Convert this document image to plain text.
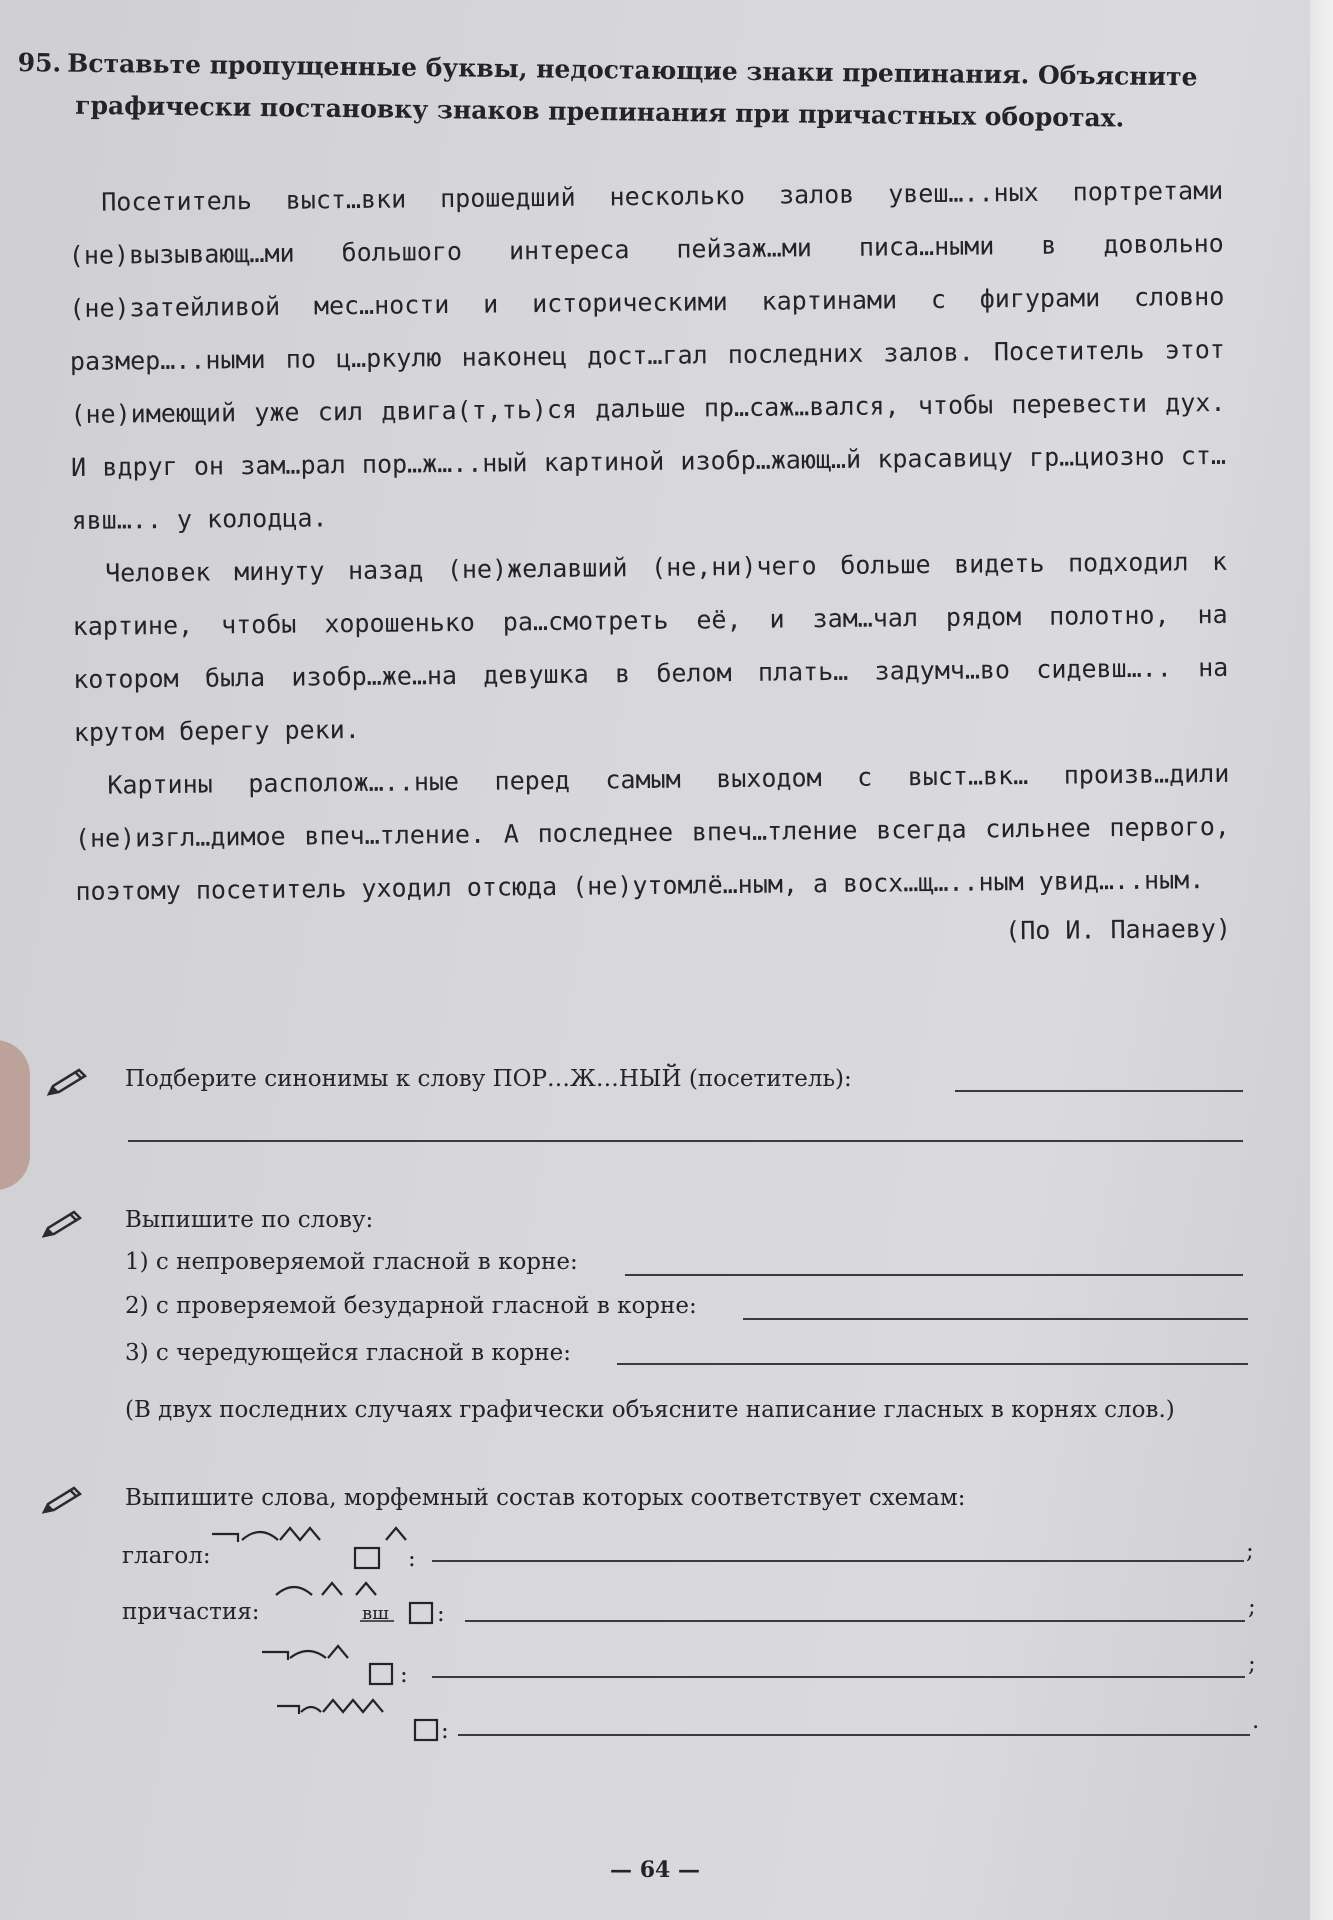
95. Вставьте пропущенные буквы, недостающие знаки препинания. Объясните
графически постановку знаков препинания при причастных оборотах.

Посетитель выст…вки прошедший несколько залов увеш…..ных портретами (не)вызывающ…ми большого интереса пейзаж…ми писа…ными в довольно (не)затейливой мес…ности и историческими картинами с фигурами словно размер…..ными по ц…ркулю наконец дост…гал последних залов. Посетитель этот (не)имеющий уже сил двига(т,ть)ся дальше пр…саж…вался, чтобы перевести дух. И вдруг он зам…рал пор…ж…..ный картиной изобр…жающ…й красавицу гр…циозно ст…явш….. у колодца.

Человек минуту назад (не)желавший (не,ни)чего больше видеть подходил к картине, чтобы хорошенько ра…смотреть её, и зам…чал рядом полотно, на котором была изобр…же…на девушка в белом плать… задумч…во сидевш….. на крутом берегу реки.

Картины располож…..ные перед самым выходом с выст…вк… произв…дили (не)изгл…димое впеч…тление. А последнее впеч…тление всегда сильнее первого, поэтому посетитель уходил отсюда (не)утомлё…ным, а восх…щ…..ным увид…..ным.

(По И. Панаеву)
Подберите синонимы к слову ПОР…Ж…НЫЙ (посетитель):
Выпишите по слову:
1) с непроверяемой гласной в корне:
2) с проверяемой безударной гласной в корне:
3) с чередующейся гласной в корне:
(В двух последних случаях графически объясните написание гласных в корнях слов.)
Выпишите слова, морфемный состав которых соответствует схемам:
глагол:	:	;
причастия:	вш :	;
:	;
:	.
— 64 —
